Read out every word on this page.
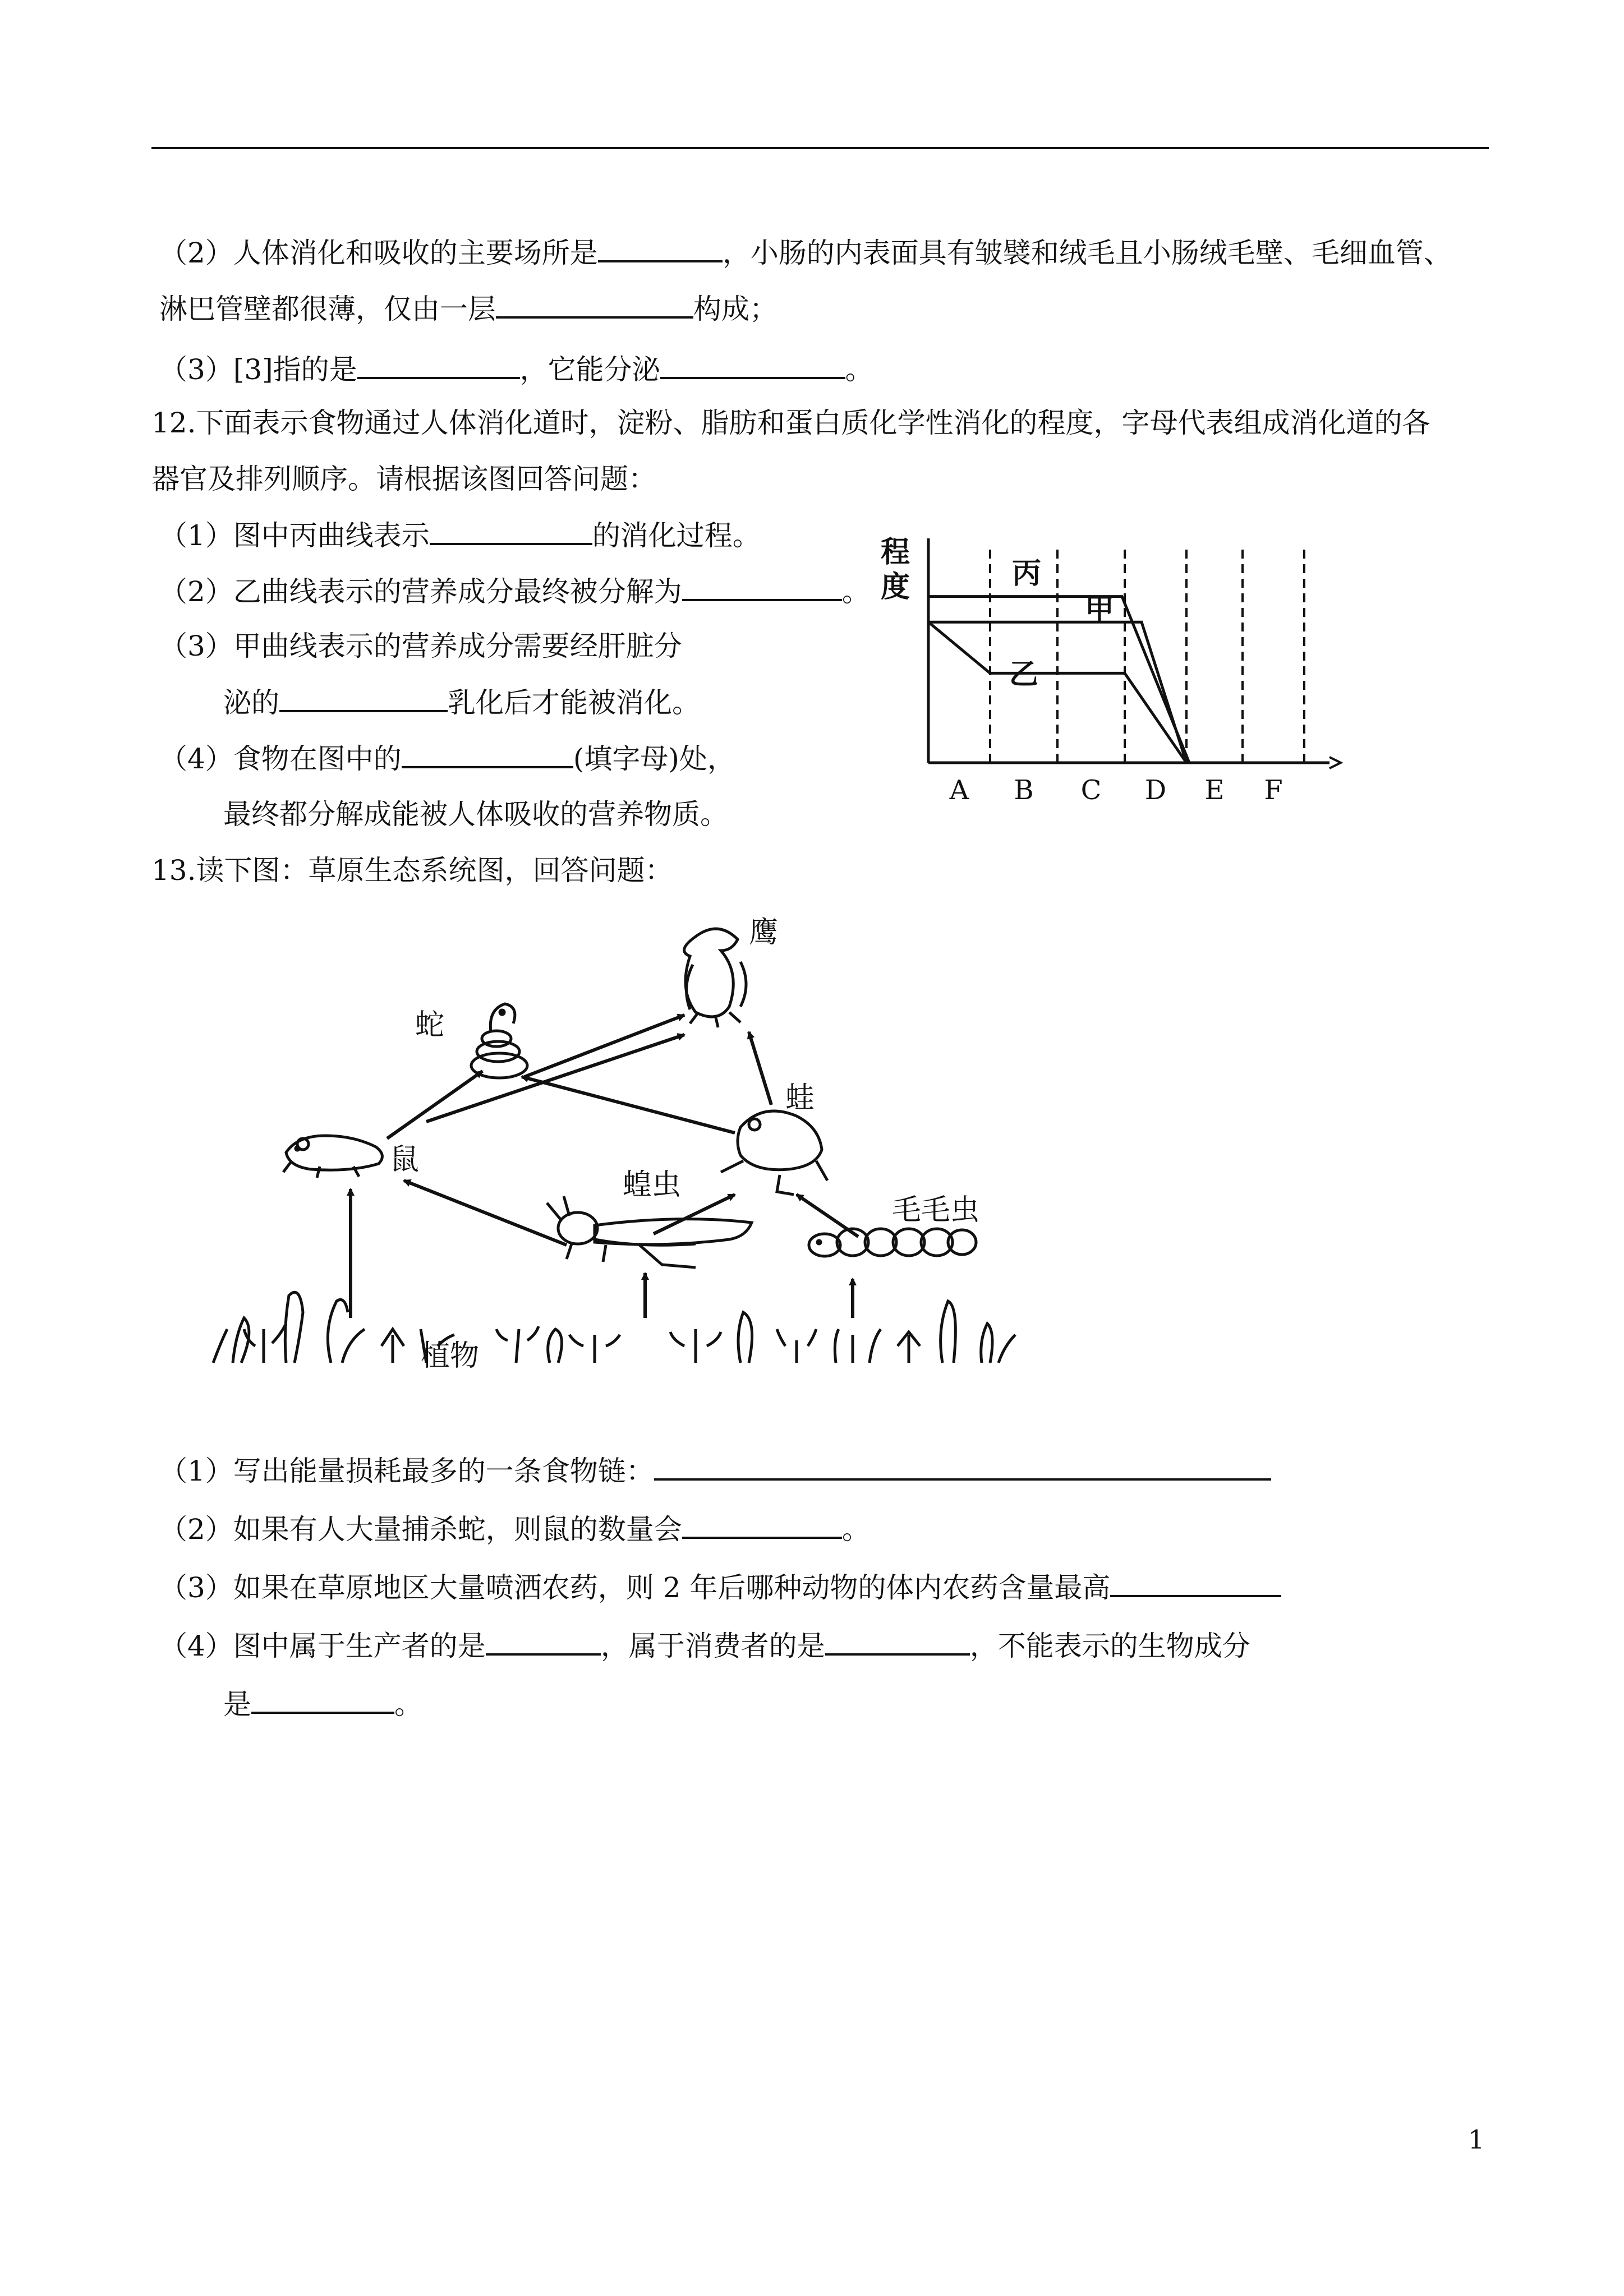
（2）人体消化和吸收的主要场所是	，小肠的内表面具有皱襞和绒毛且小肠绒毛壁、毛细血管、
淋巴管壁都很薄，仅由一层	构成；
（3）[3]指的是	，它能分泌	。
12.下面表示食物通过人体消化道时，淀粉、脂肪和蛋白质化学性消化的程度，字母代表组成消化道的各
器官及排列顺序。请根据该图回答问题：
（1）图中丙曲线表示	的消化过程。
（2）乙曲线表示的营养成分最终被分解为	。
（3）甲曲线表示的营养成分需要经肝脏分
泌的	乳化后才能被消化。
（4）食物在图中的	(填字母)处，
最终都分解成能被人体吸收的营养物质。
程
度
A B C D E F
丙
甲
乙
13.读下图：草原生态系统图，回答问题：
鹰
蛇
鼠
蛙
蝗虫
毛毛虫
植物
（1）写出能量损耗最多的一条食物链：
（2）如果有人大量捕杀蛇，则鼠的数量会	。
（3）如果在草原地区大量喷洒农药，则 2 年后哪种动物的体内农药含量最高
（4）图中属于生产者的是	，属于消费者的是	，不能表示的生物成分
是	。
1
